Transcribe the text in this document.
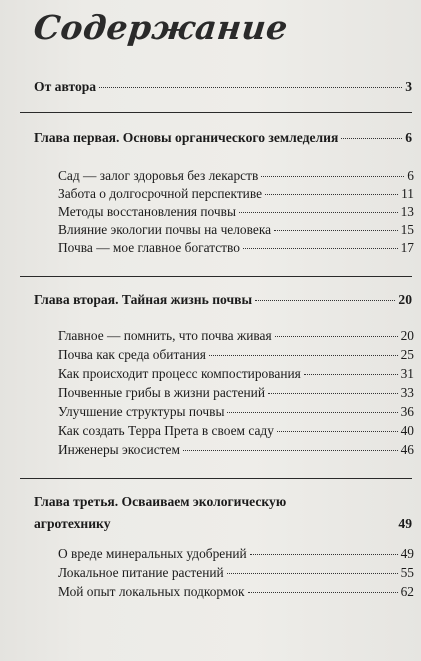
Содержание
От автора	3
Глава первая. Основы органического земледелия	6
Сад — залог здоровья без лекарств	6
Забота о долгосрочной перспективе	11
Методы восстановления почвы	13
Влияние экологии почвы на человека	15
Почва — мое главное богатство	17
Глава вторая. Тайная жизнь почвы	20
Главное — помнить, что почва живая	20
Почва как среда обитания	25
Как происходит процесс компостирования	31
Почвенные грибы в жизни растений	33
Улучшение структуры почвы	36
Как создать Терра Прета в своем саду	40
Инженеры экосистем	46
Глава третья. Осваиваем экологическую
агротехнику	49
О вреде минеральных удобрений	49
Локальное питание растений	55
Мой опыт локальных подкормок	62
